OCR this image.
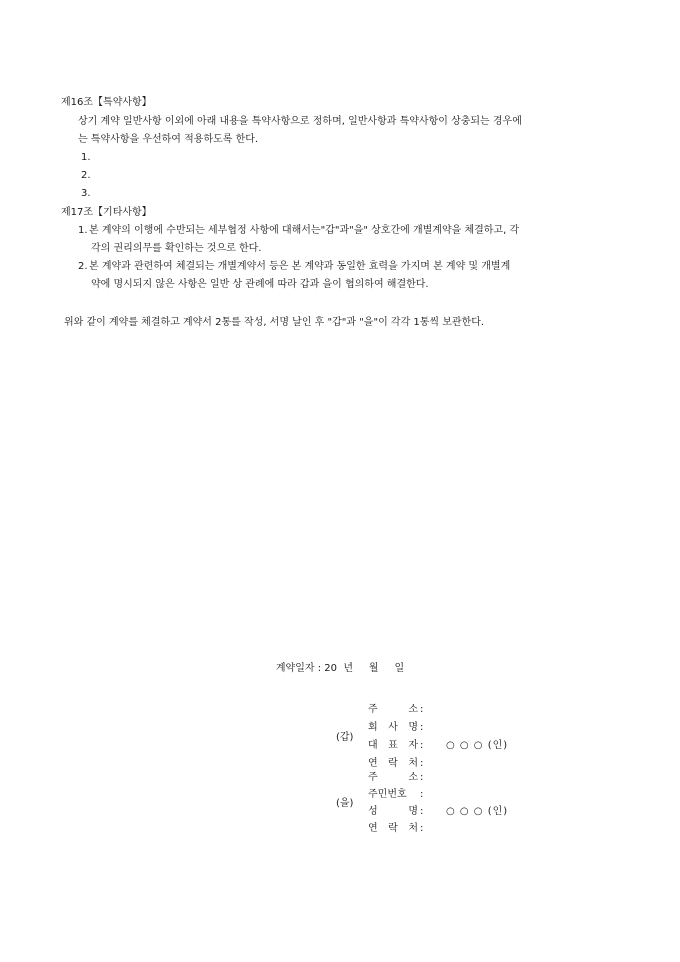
제16조【특약사항】
상기 계약 일반사항 이외에 아래 내용을 특약사항으로 정하며, 일반사항과 특약사항이 상충되는 경우에
는 특약사항을 우선하여 적용하도록 한다.
1.
2.
3.
제17조【기타사항】
1. 본 계약의 이행에 수반되는 세부협정 사항에 대해서는"갑"과"을" 상호간에 개별계약을 체결하고, 각
각의 권리의무를 확인하는 것으로 한다.
2. 본 계약과 관련하여 체결되는 개별계약서 등은 본 계약과 동일한 효력을 가지며 본 계약 및 개별계
약에 명시되지 않은 사항은 일반 상 관례에 따라 갑과 을이 협의하여 해결한다.
위와 같이 계약를 체결하고 계약서 2통를 작성, 서명 날인 후 "갑"과 "을"이 각각 1통씩 보관한다.
계약일자 : 20  년     월     일
(갑)
주 소 :
회 사 명 :
대 표 자 : ○ ○ ○ (인)
연 락 처 :
(을)
주 소 :
주민번호 :
성 명 : ○ ○ ○ (인)
연 락 처 :
